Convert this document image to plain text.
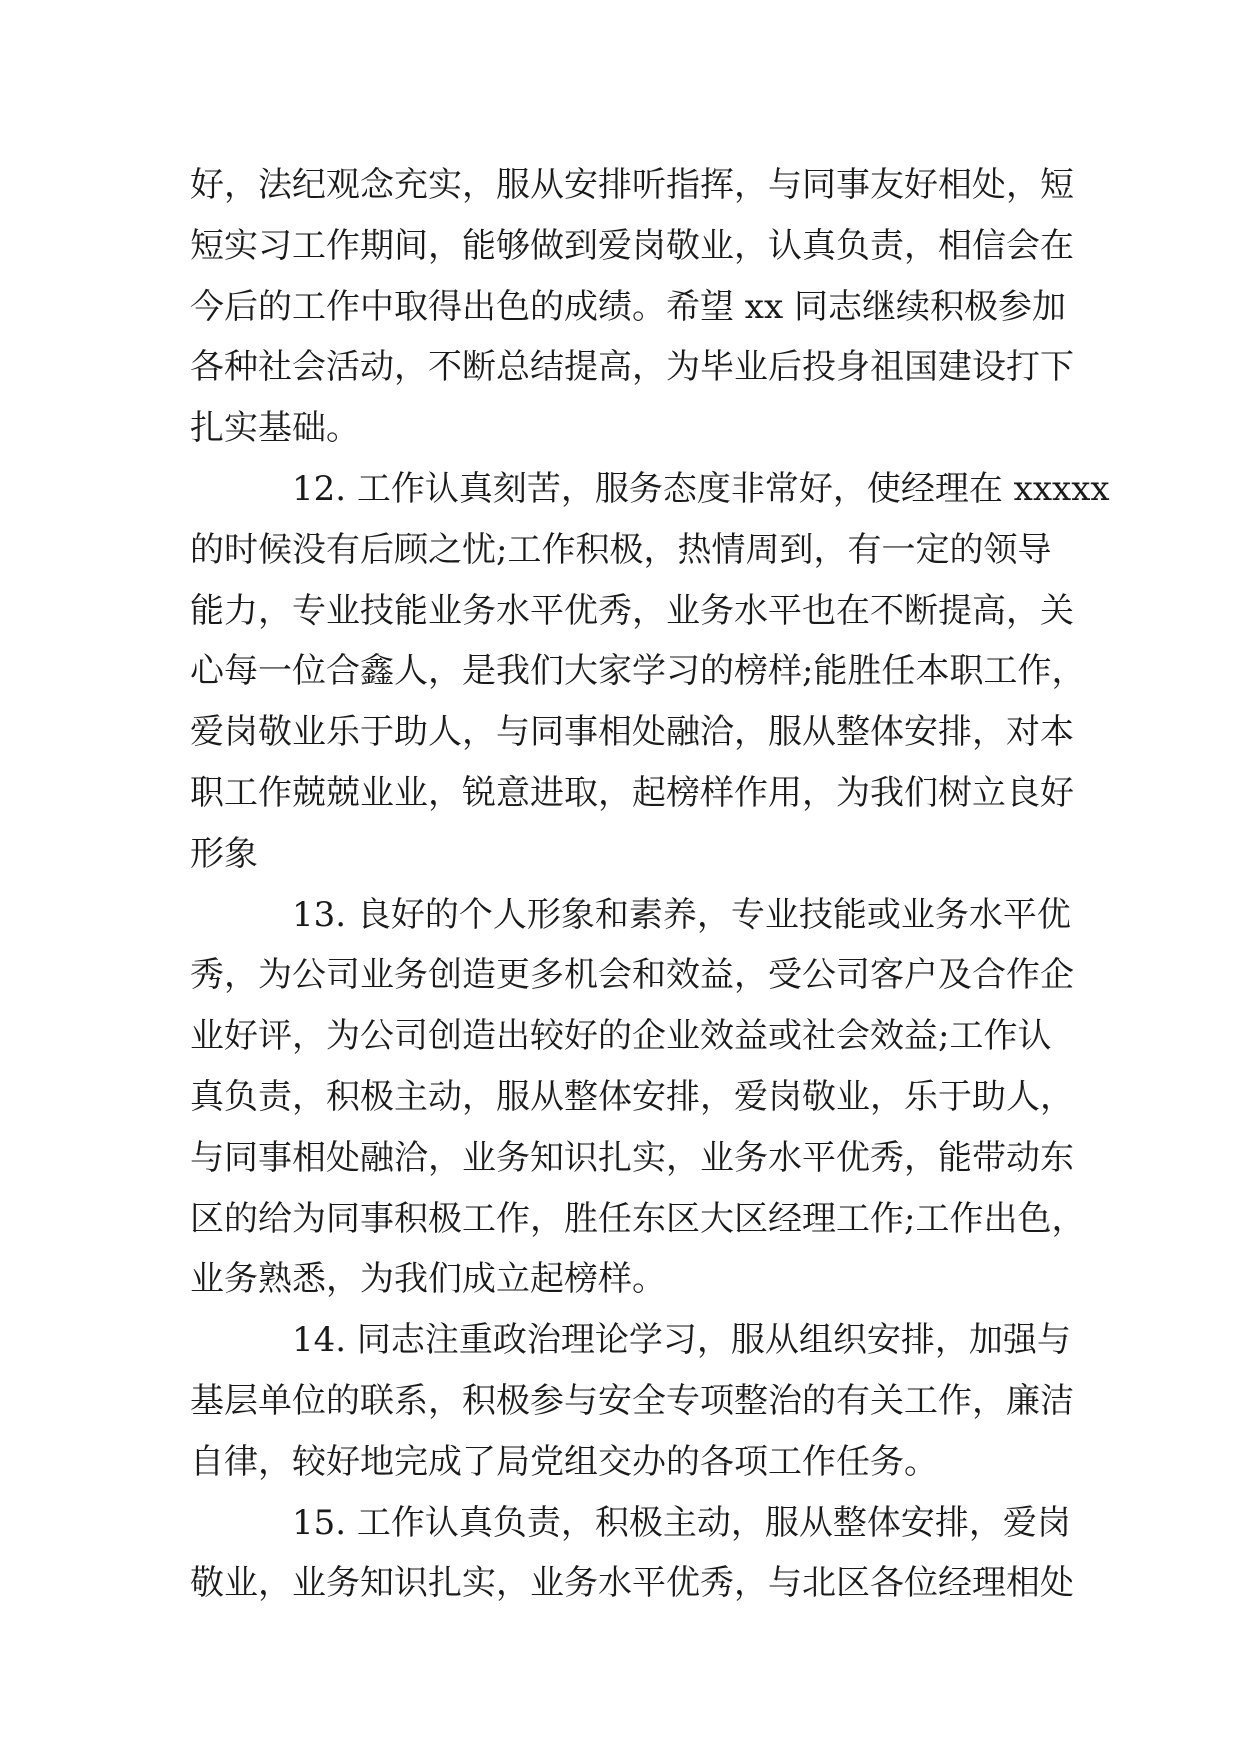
好，法纪观念充实，服从安排听指挥，与同事友好相处，短
短实习工作期间，能够做到爱岗敬业，认真负责，相信会在
今后的工作中取得出色的成绩。希望 xx 同志继续积极参加
各种社会活动，不断总结提高，为毕业后投身祖国建设打下
扎实基础。
　　　12. 工作认真刻苦，服务态度非常好，使经理在 xxxxx
的时候没有后顾之忧;工作积极，热情周到，有一定的领导
能力，专业技能业务水平优秀，业务水平也在不断提高，关
心每一位合鑫人，是我们大家学习的榜样;能胜任本职工作，
爱岗敬业乐于助人，与同事相处融洽，服从整体安排，对本
职工作兢兢业业，锐意进取，起榜样作用，为我们树立良好
形象
　　　13. 良好的个人形象和素养，专业技能或业务水平优
秀，为公司业务创造更多机会和效益，受公司客户及合作企
业好评，为公司创造出较好的企业效益或社会效益;工作认
真负责，积极主动，服从整体安排，爱岗敬业，乐于助人，
与同事相处融洽，业务知识扎实，业务水平优秀，能带动东
区的给为同事积极工作，胜任东区大区经理工作;工作出色，
业务熟悉，为我们成立起榜样。
　　　14. 同志注重政治理论学习，服从组织安排，加强与
基层单位的联系，积极参与安全专项整治的有关工作，廉洁
自律，较好地完成了局党组交办的各项工作任务。
　　　15. 工作认真负责，积极主动，服从整体安排，爱岗
敬业，业务知识扎实，业务水平优秀，与北区各位经理相处
